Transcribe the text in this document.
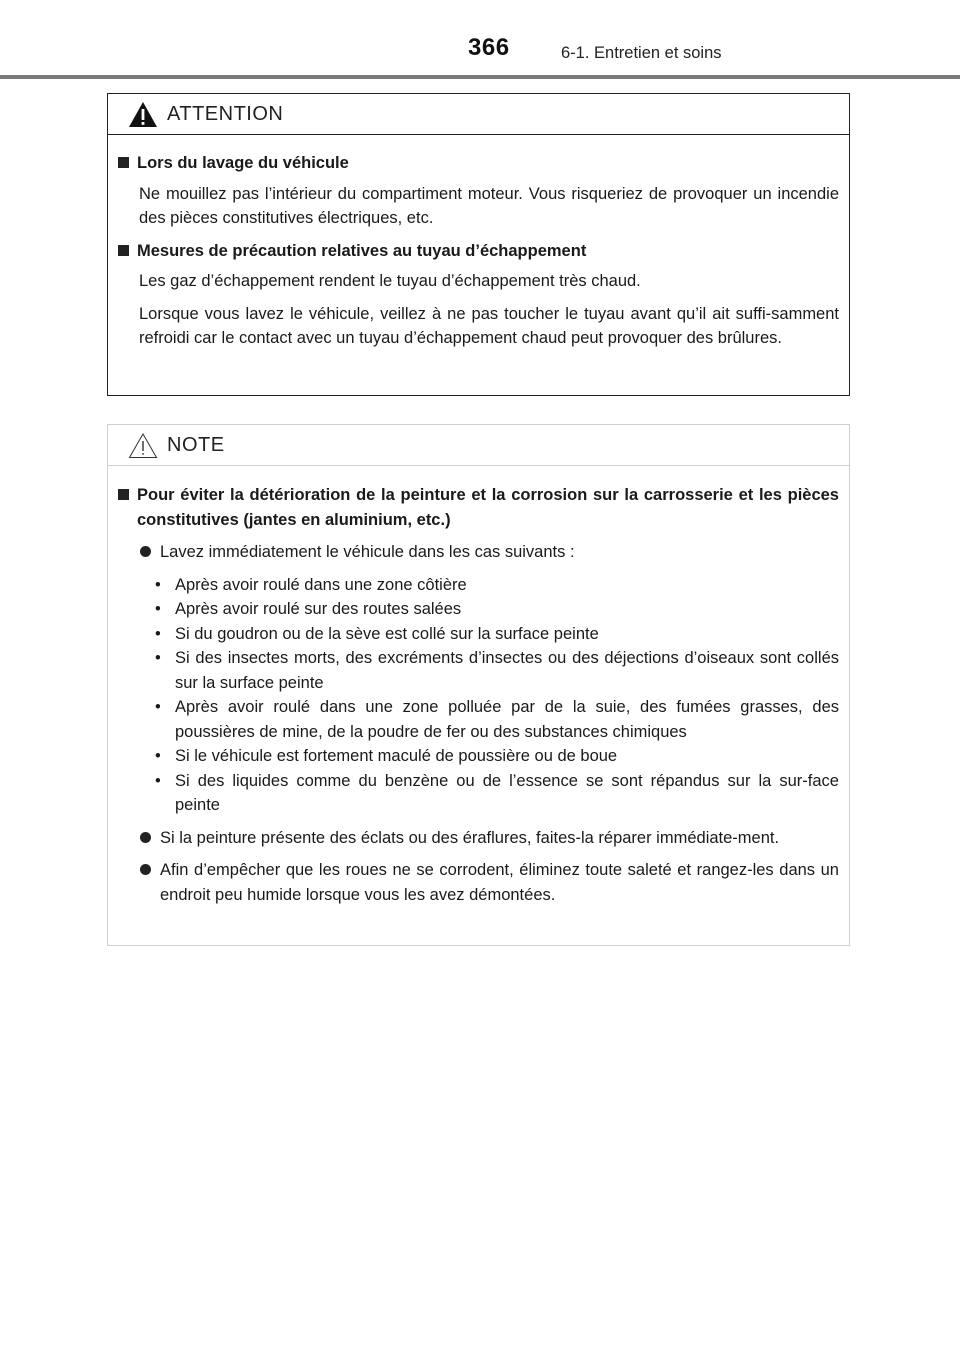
366	6-1. Entretien et soins
ATTENTION
Lors du lavage du véhicule
Ne mouillez pas l’intérieur du compartiment moteur. Vous risqueriez de provoquer un incendie des pièces constitutives électriques, etc.
Mesures de précaution relatives au tuyau d’échappement
Les gaz d’échappement rendent le tuyau d’échappement très chaud.
Lorsque vous lavez le véhicule, veillez à ne pas toucher le tuyau avant qu’il ait suffi-samment refroidi car le contact avec un tuyau d’échappement chaud peut provoquer des brûlures.
NOTE
Pour éviter la détérioration de la peinture et la corrosion sur la carrosserie et les pièces constitutives (jantes en aluminium, etc.)
Lavez immédiatement le véhicule dans les cas suivants :
• Après avoir roulé dans une zone côtière
• Après avoir roulé sur des routes salées
• Si du goudron ou de la sève est collé sur la surface peinte
• Si des insectes morts, des excréments d’insectes ou des déjections d’oiseaux sont collés sur la surface peinte
• Après avoir roulé dans une zone polluée par de la suie, des fumées grasses, des poussières de mine, de la poudre de fer ou des substances chimiques
• Si le véhicule est fortement maculé de poussière ou de boue
• Si des liquides comme du benzène ou de l’essence se sont répandus sur la sur-face peinte
Si la peinture présente des éclats ou des éraflures, faites-la réparer immédiate-ment.
Afin d’empêcher que les roues ne se corrodent, éliminez toute saleté et rangez-les dans un endroit peu humide lorsque vous les avez démontées.
